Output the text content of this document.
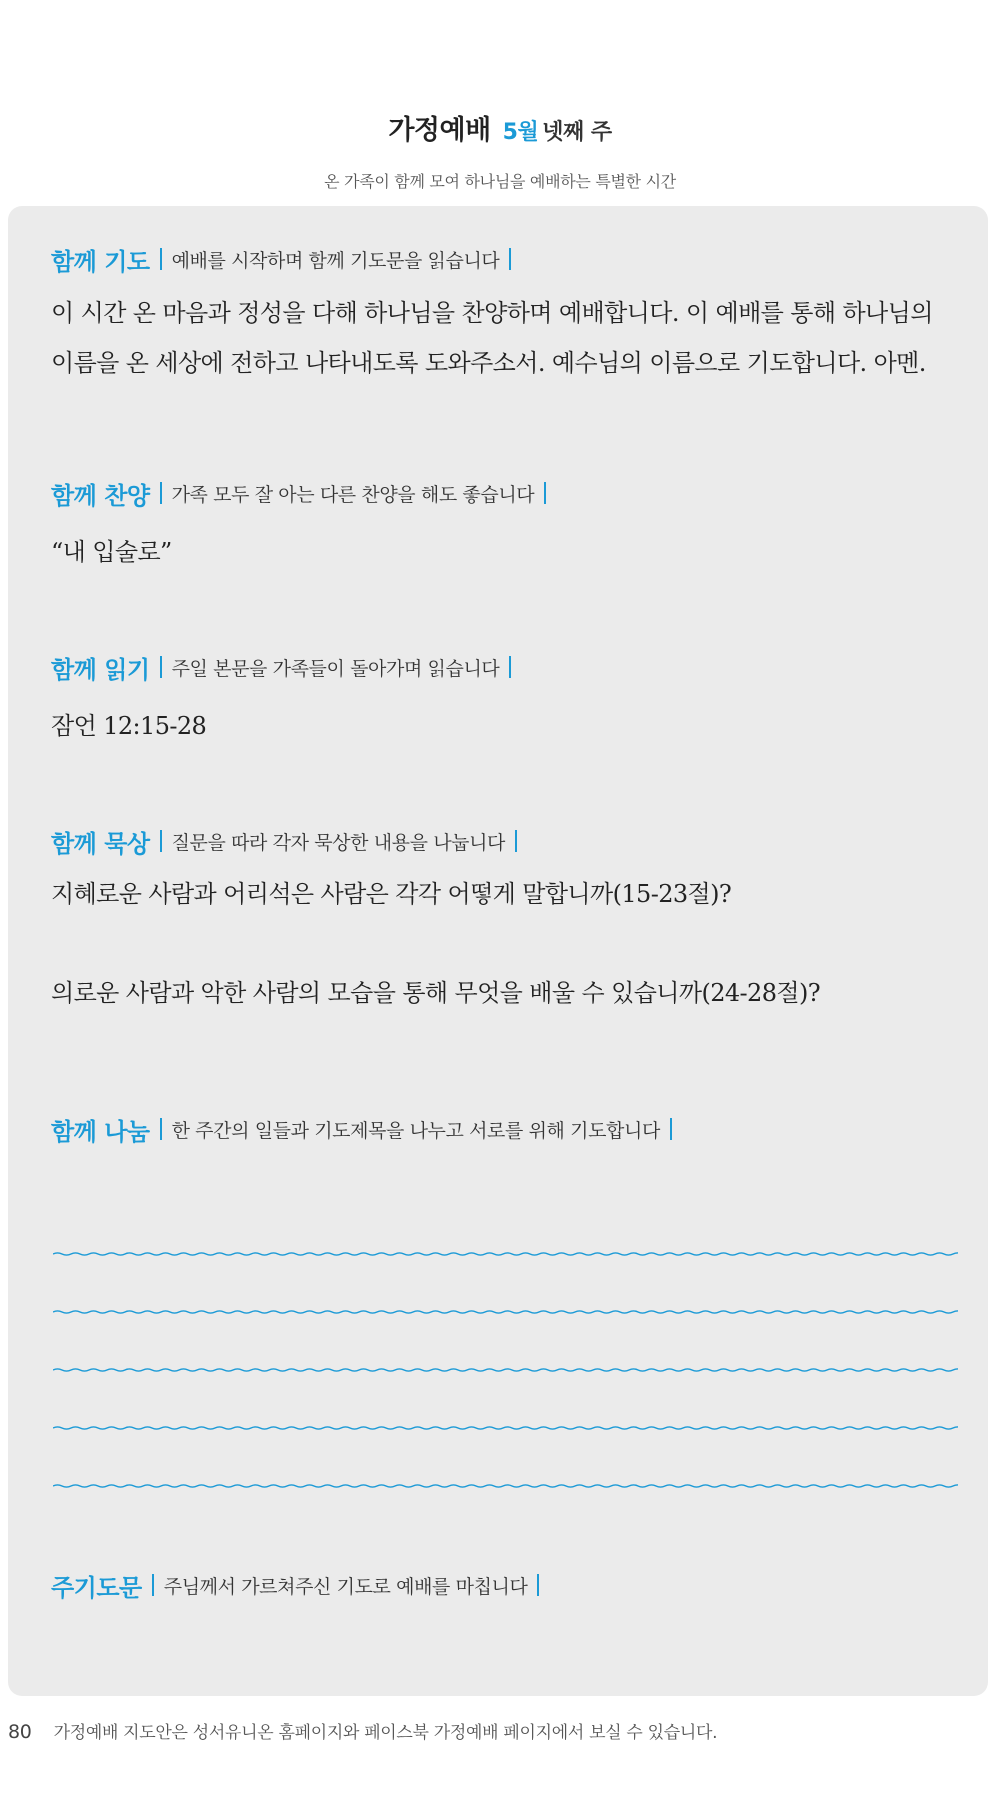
가정예배 5월 넷째 주
온 가족이 함께 모여 하나님을 예배하는 특별한 시간
함께 기도 예배를 시작하며 함께 기도문을 읽습니다
이 시간 온 마음과 정성을 다해 하나님을 찬양하며 예배합니다. 이 예배를 통해 하나님의 이름을 온 세상에 전하고 나타내도록 도와주소서. 예수님의 이름으로 기도합니다. 아멘.
함께 찬양 가족 모두 잘 아는 다른 찬양을 해도 좋습니다
“내 입술로”
함께 읽기 주일 본문을 가족들이 돌아가며 읽습니다
잠언 12:15-28
함께 묵상 질문을 따라 각자 묵상한 내용을 나눕니다
지혜로운 사람과 어리석은 사람은 각각 어떻게 말합니까(15-23절)?
의로운 사람과 악한 사람의 모습을 통해 무엇을 배울 수 있습니까(24-28절)?
함께 나눔 한 주간의 일들과 기도제목을 나누고 서로를 위해 기도합니다
주기도문 주님께서 가르쳐주신 기도로 예배를 마칩니다
80 가정예배 지도안은 성서유니온 홈페이지와 페이스북 가정예배 페이지에서 보실 수 있습니다.
